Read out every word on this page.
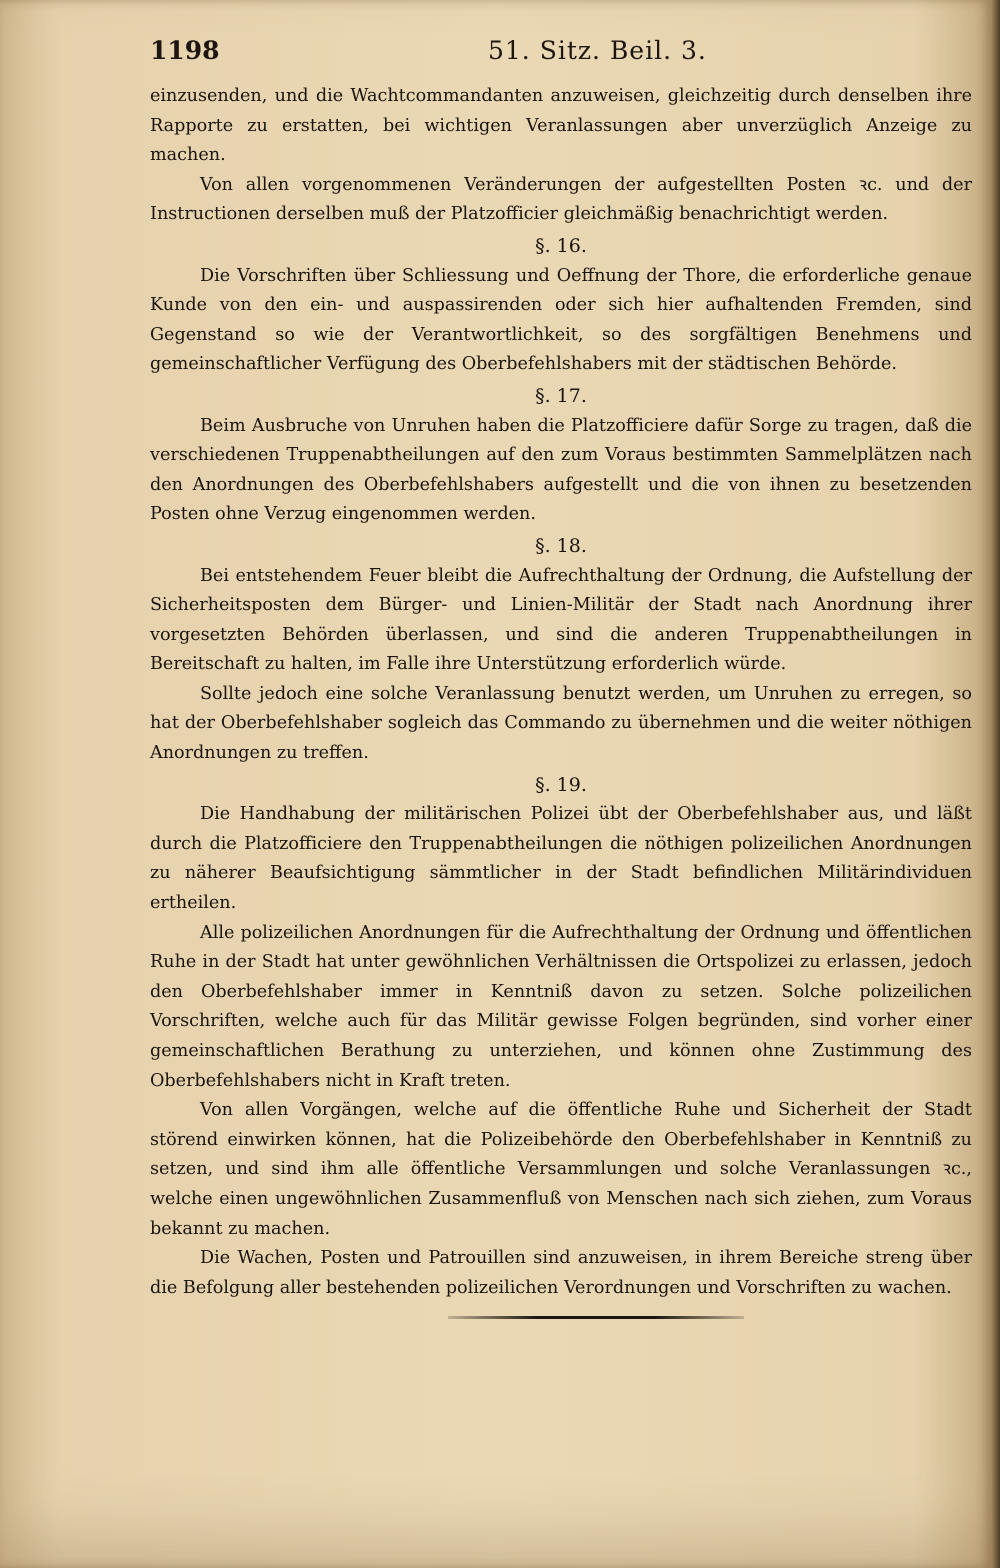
1198	51. Sitz. Beil. 3.

einzusenden, und die Wachtcommandanten anzuweisen, gleichzeitig durch denselben ihre Rapporte zu erstatten, bei wichtigen Veranlassungen aber unverzüglich Anzeige zu machen.

Von allen vorgenommenen Veränderungen der aufgestellten Posten ꝛc. und der Instructionen derselben muß der Platzofficier gleichmäßig benachrichtigt werden.

§. 16.

Die Vorschriften über Schliessung und Oeffnung der Thore, die erforderliche genaue Kunde von den ein- und auspassirenden oder sich hier aufhaltenden Fremden, sind Gegenstand so wie der Verantwortlichkeit, so des sorgfältigen Benehmens und gemeinschaftlicher Verfügung des Oberbefehlshabers mit der städtischen Behörde.

§. 17.

Beim Ausbruche von Unruhen haben die Platzofficiere dafür Sorge zu tragen, daß die verschiedenen Truppenabtheilungen auf den zum Voraus bestimmten Sammelplätzen nach den Anordnungen des Oberbefehlshabers aufgestellt und die von ihnen zu besetzenden Posten ohne Verzug eingenommen werden.

§. 18.

Bei entstehendem Feuer bleibt die Aufrechthaltung der Ordnung, die Aufstellung der Sicherheitsposten dem Bürger- und Linien-Militär der Stadt nach Anordnung ihrer vorgesetzten Behörden überlassen, und sind die anderen Truppenabtheilungen in Bereitschaft zu halten, im Falle ihre Unterstützung erforderlich würde.

Sollte jedoch eine solche Veranlassung benutzt werden, um Unruhen zu erregen, so hat der Oberbefehlshaber sogleich das Commando zu übernehmen und die weiter nöthigen Anordnungen zu treffen.

§. 19.

Die Handhabung der militärischen Polizei übt der Oberbefehlshaber aus, und läßt durch die Platzofficiere den Truppenabtheilungen die nöthigen polizeilichen Anordnungen zu näherer Beaufsichtigung sämmtlicher in der Stadt befindlichen Militärindividuen ertheilen.

Alle polizeilichen Anordnungen für die Aufrechthaltung der Ordnung und öffentlichen Ruhe in der Stadt hat unter gewöhnlichen Verhältnissen die Ortspolizei zu erlassen, jedoch den Oberbefehlshaber immer in Kenntniß davon zu setzen. Solche polizeilichen Vorschriften, welche auch für das Militär gewisse Folgen begründen, sind vorher einer gemeinschaftlichen Berathung zu unterziehen, und können ohne Zustimmung des Oberbefehlshabers nicht in Kraft treten.

Von allen Vorgängen, welche auf die öffentliche Ruhe und Sicherheit der Stadt störend einwirken können, hat die Polizeibehörde den Oberbefehlshaber in Kenntniß zu setzen, und sind ihm alle öffentliche Versammlungen und solche Veranlassungen ꝛc., welche einen ungewöhnlichen Zusammenfluß von Menschen nach sich ziehen, zum Voraus bekannt zu machen.

Die Wachen, Posten und Patrouillen sind anzuweisen, in ihrem Bereiche streng über die Befolgung aller bestehenden polizeilichen Verordnungen und Vorschriften zu wachen.
